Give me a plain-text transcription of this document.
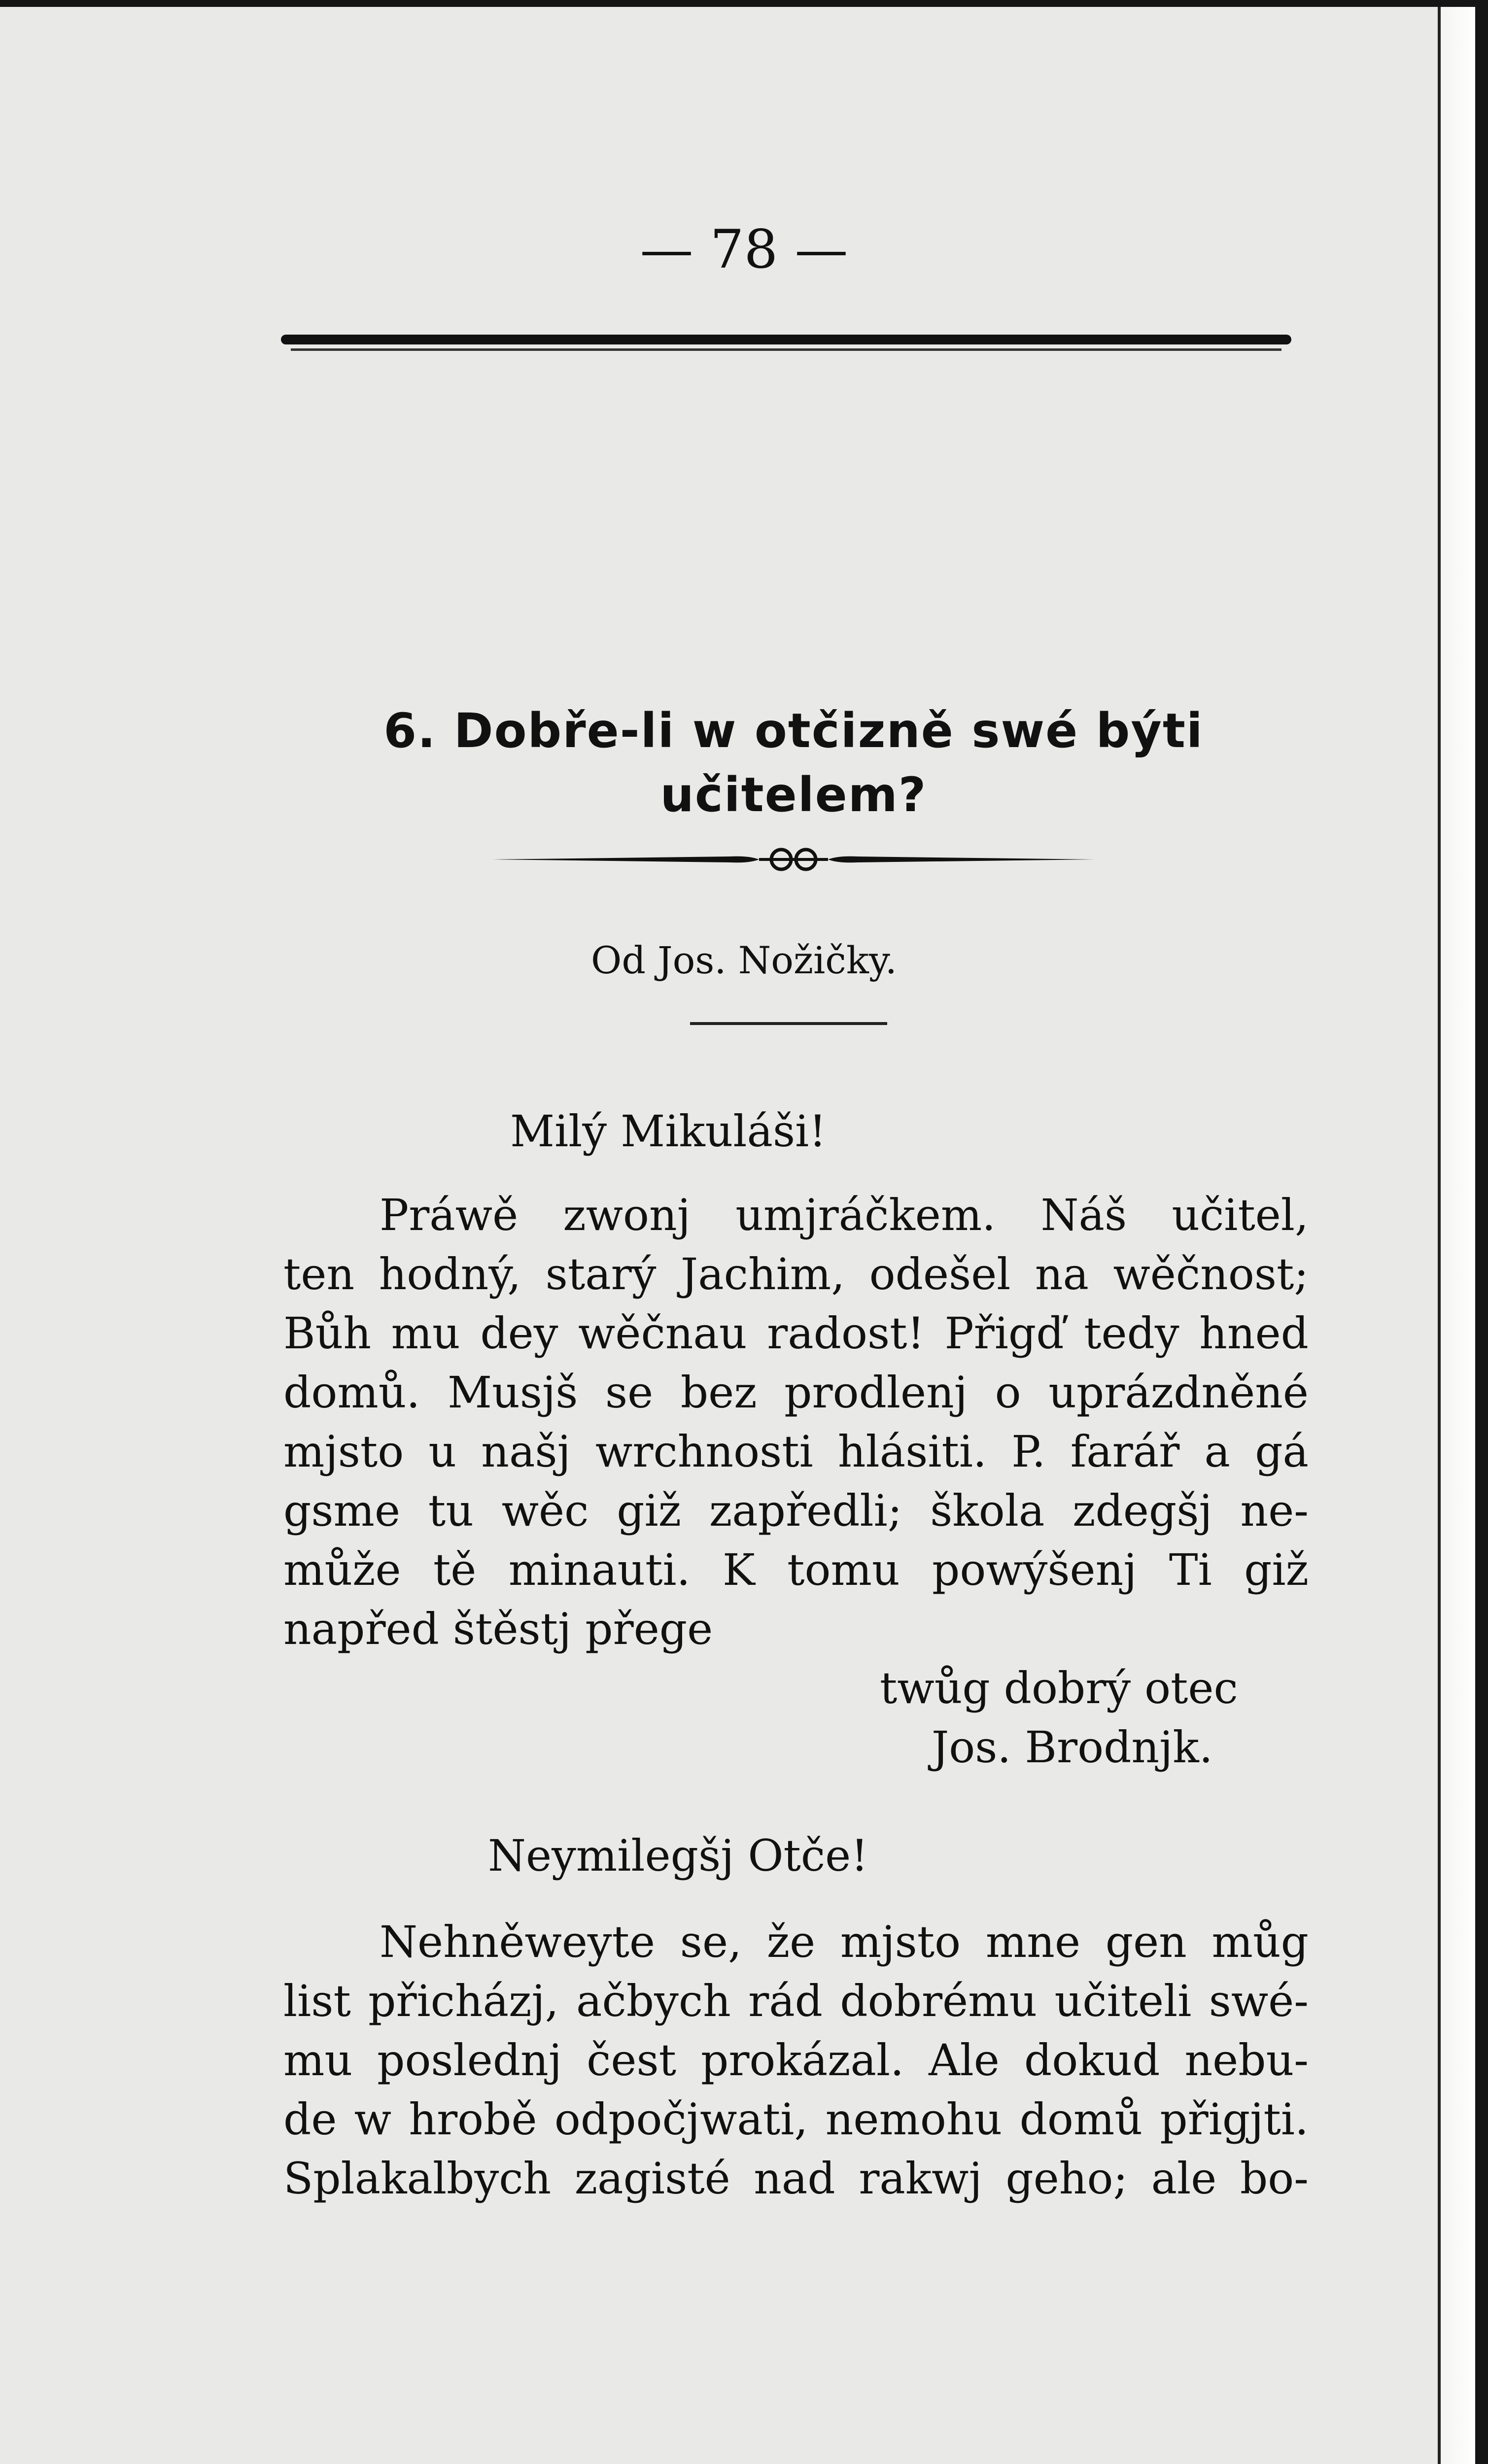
— 78 —
6. Dobře-li w otčizně swé býti
učitelem?
Od Jos. Nožičky.
Milý Mikuláši!
Práwě zwonj umjráčkem. Náš učitel,
ten hodný, starý Jachim, odešel na wěčnost;
Bůh mu dey wěčnau radost! Přigď tedy hned
domů. Musjš se bez prodlenj o uprázdněné
mjsto u našj wrchnosti hlásiti. P. farář a gá
gsme tu wěc giž zapředli; škola zdegšj ne-
může tě minauti. K tomu powýšenj Ti giž
napřed štěstj přege
twůg dobrý otec
Jos. Brodnjk.
Neymilegšj Otče!
Nehněweyte se, že mjsto mne gen můg
list přicházj, ačbych rád dobrému učiteli swé-
mu poslednj čest prokázal. Ale dokud nebu-
de w hrobě odpočjwati, nemohu domů přigjti.
Splakalbych zagisté nad rakwj geho; ale bo-
